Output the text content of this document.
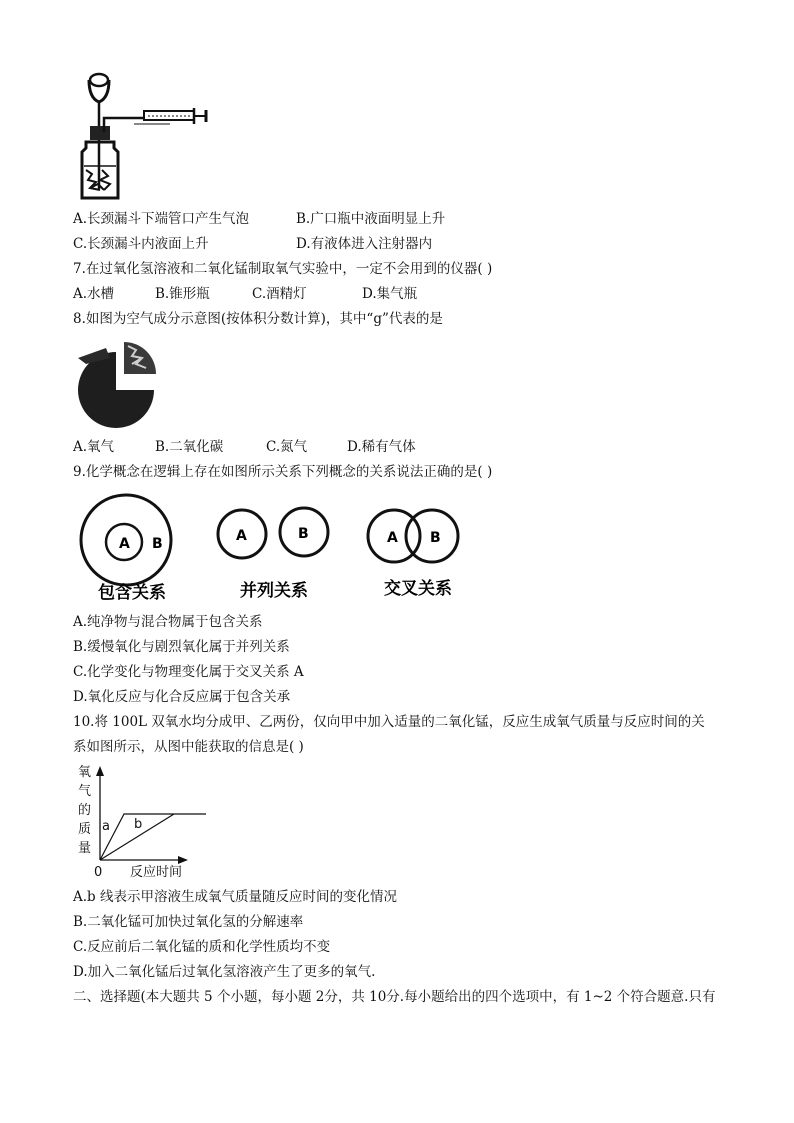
A.长颈漏斗下端管口产生气泡	B.广口瓶中液面明显上升
C.长颈漏斗内液面上升	D.有液体进入注射器内
7.在过氧化氢溶液和二氧化锰制取氧气实验中，一定不会用到的仪器( )
A.水槽	B.锥形瓶	C.酒精灯	D.集气瓶
8.如图为空气成分示意图(按体积分数计算)，其中“g”代表的是
A.氧气	B.二氧化碳	C.氮气	D.稀有气体
9.化学概念在逻辑上存在如图所示关系下列概念的关系说法正确的是( )
A B
包含关系
A	B
并列关系
A B
交叉关系
A.纯净物与混合物属于包含关系
B.缓慢氧化与剧烈氧化属于并列关系
C.化学变化与物理变化属于交叉关系 A
D.氧化反应与化合反应属于包含关承
10.将 100L 双氧水均分成甲、乙两份，仅向甲中加入适量的二氧化锰，反应生成氧气质量与反应时间的关
系如图所示，从图中能获取的信息是( )
氧
气
的
质
量
0 反应时间
a b
A.b 线表示甲溶液生成氧气质量随反应时间的变化情况
B.二氧化锰可加快过氧化氢的分解速率
C.反应前后二氧化锰的质和化学性质均不变
D.加入二氧化锰后过氧化氢溶液产生了更多的氧气.
二、选择题(本大题共 5 个小题，每小题 2分，共 10分.每小题给出的四个选项中，有 1~2 个符合题意.只有
